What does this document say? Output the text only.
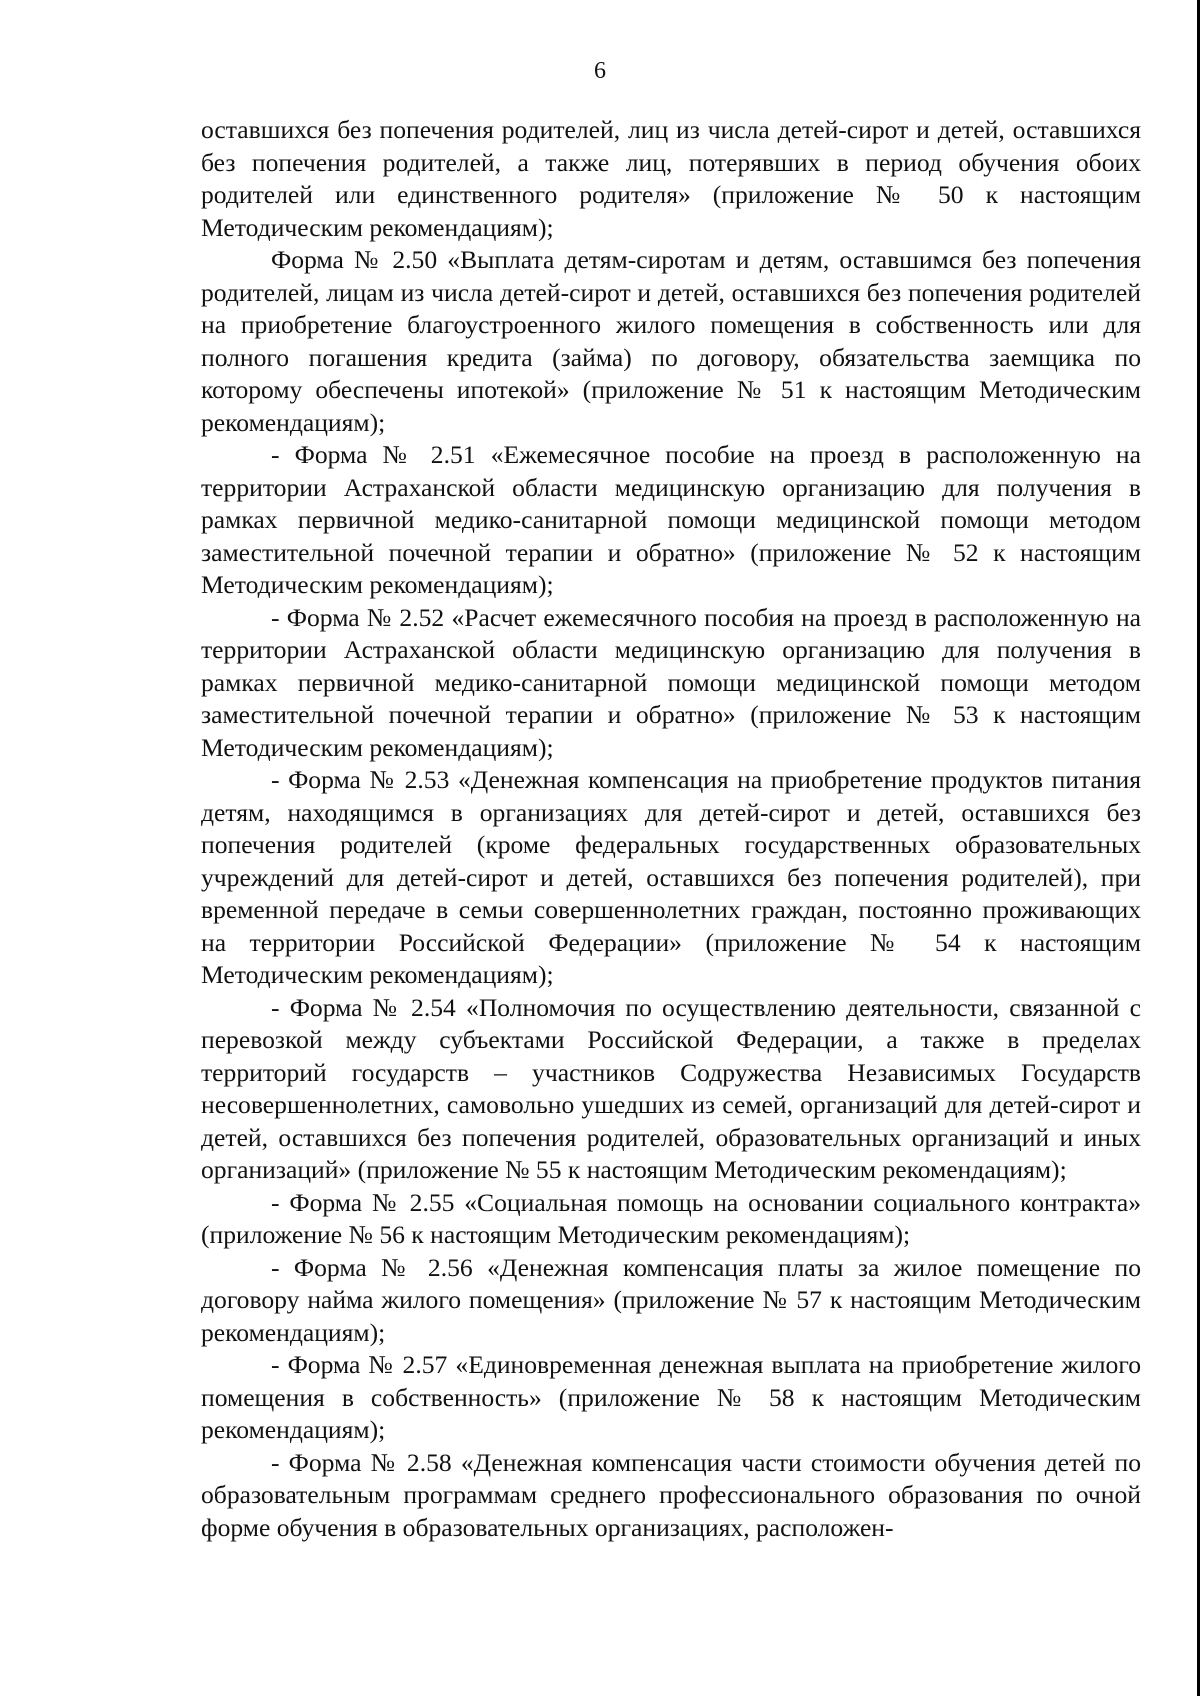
6

оставшихся без попечения родителей, лиц из числа детей-сирот и детей, оставшихся без попечения родителей, а также лиц, потерявших в период обучения обоих родителей или единственного родителя» (приложение № 50 к настоящим Методическим рекомендациям);

Форма № 2.50 «Выплата детям-сиротам и детям, оставшимся без попечения родителей, лицам из числа детей-сирот и детей, оставшихся без попечения родителей на приобретение благоустроенного жилого помещения в собственность или для полного погашения кредита (займа) по договору, обязательства заемщика по которому обеспечены ипотекой» (приложение № 51 к настоящим Методическим рекомендациям);

- Форма № 2.51 «Ежемесячное пособие на проезд в расположенную на территории Астраханской области медицинскую организацию для получения в рамках первичной медико-санитарной помощи медицинской помощи методом заместительной почечной терапии и обратно» (приложение № 52 к настоящим Методическим рекомендациям);

- Форма № 2.52 «Расчет ежемесячного пособия на проезд в расположенную на территории Астраханской области медицинскую организацию для получения в рамках первичной медико-санитарной помощи медицинской помощи методом заместительной почечной терапии и обратно» (приложение № 53 к настоящим Методическим рекомендациям);

- Форма № 2.53 «Денежная компенсация на приобретение продуктов питания детям, находящимся в организациях для детей-сирот и детей, оставшихся без попечения родителей (кроме федеральных государственных образовательных учреждений для детей-сирот и детей, оставшихся без попечения родителей), при временной передаче в семьи совершеннолетних граждан, постоянно проживающих на территории Российской Федерации» (приложение № 54 к настоящим Методическим рекомендациям);

- Форма № 2.54 «Полномочия по осуществлению деятельности, связанной с перевозкой между субъектами Российской Федерации, а также в пределах территорий государств – участников Содружества Независимых Государств несовершеннолетних, самовольно ушедших из семей, организаций для детей-сирот и детей, оставшихся без попечения родителей, образовательных организаций и иных организаций» (приложение № 55 к настоящим Методическим рекомендациям);

- Форма № 2.55 «Социальная помощь на основании социального контракта» (приложение № 56 к настоящим Методическим рекомендациям);

- Форма № 2.56 «Денежная компенсация платы за жилое помещение по договору найма жилого помещения» (приложение № 57 к настоящим Методическим рекомендациям);

- Форма № 2.57 «Единовременная денежная выплата на приобретение жилого помещения в собственность» (приложение № 58 к настоящим Методическим рекомендациям);

- Форма № 2.58 «Денежная компенсация части стоимости обучения детей по образовательным программам среднего профессионального образования по очной форме обучения в образовательных организациях, расположен-
